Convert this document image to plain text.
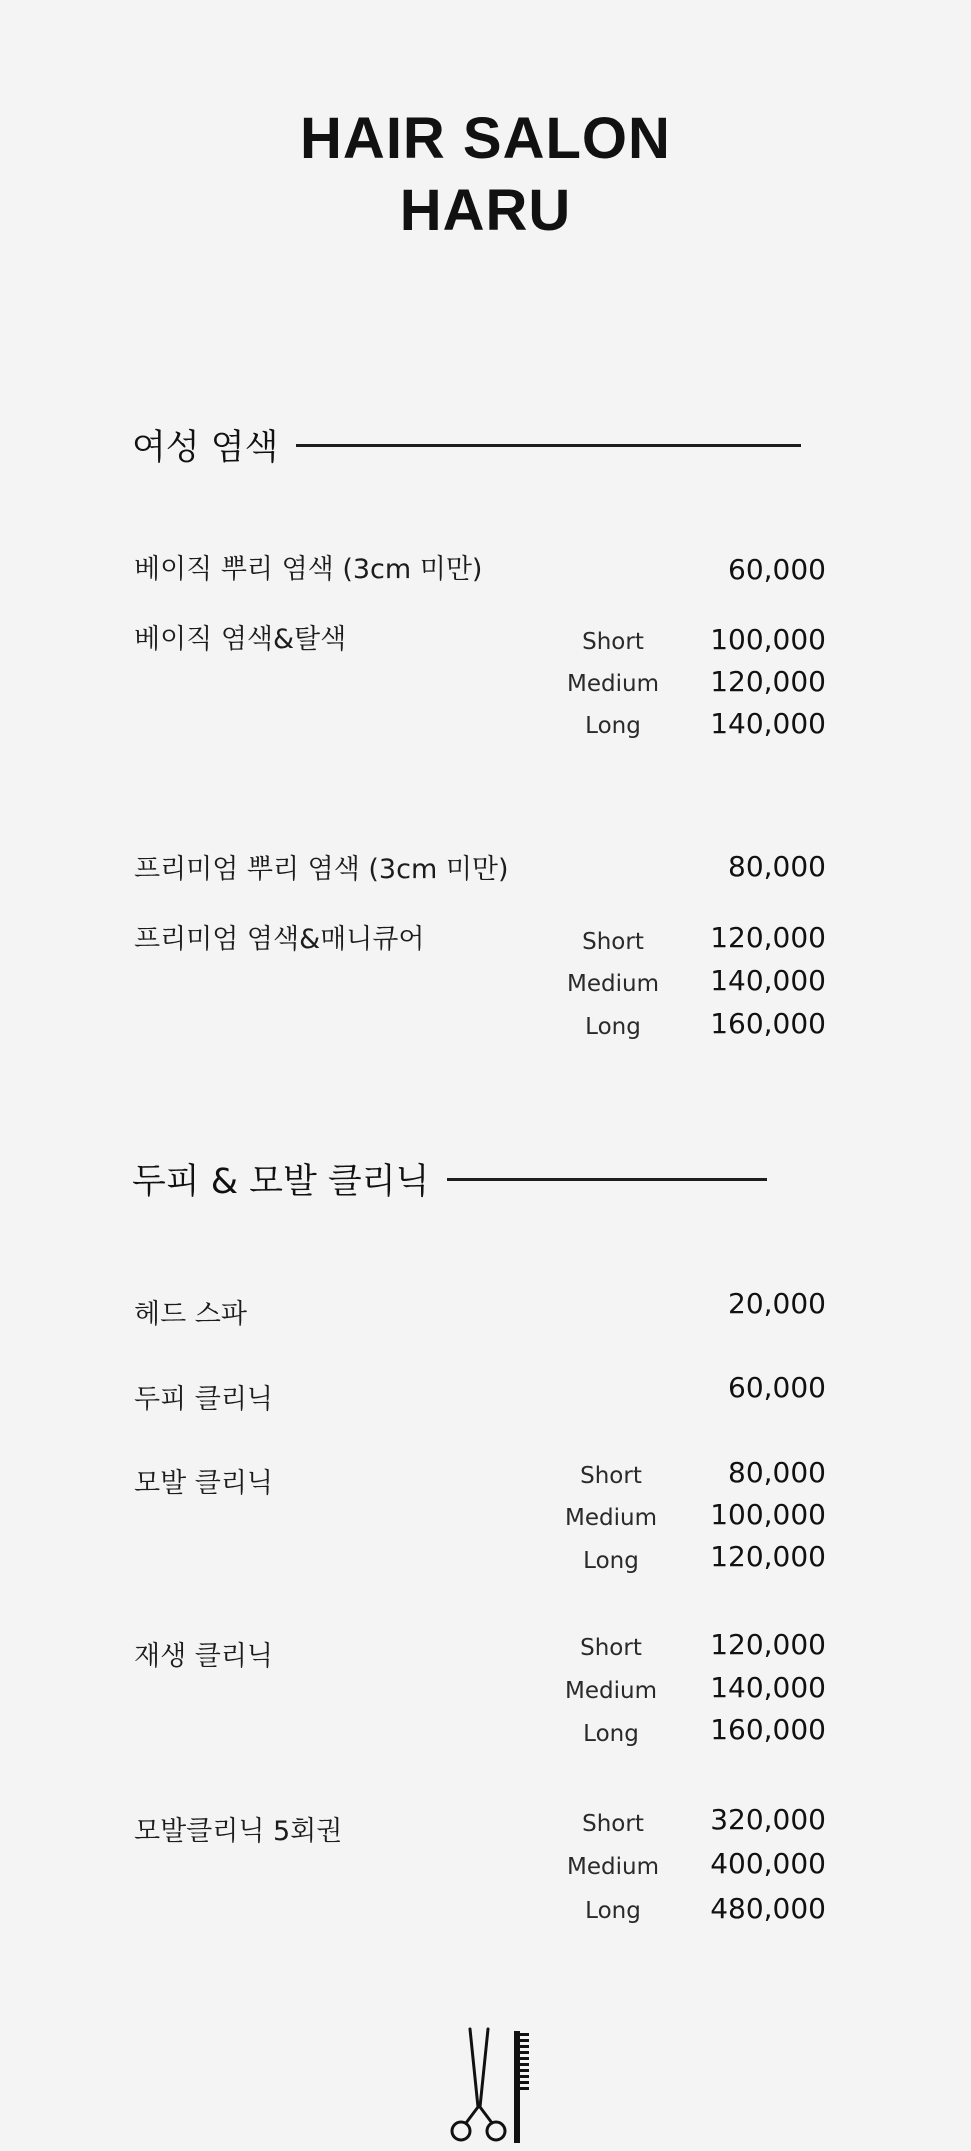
HAIR SALON
HARU
여성 염색
베이직 뿌리 염색 (3cm 미만)	60,000
베이직 염색&탈색	Short	100,000
Medium	120,000
Long	140,000
프리미엄 뿌리 염색 (3cm 미만)	80,000
프리미엄 염색&매니큐어	Short	120,000
Medium	140,000
Long	160,000
두피 & 모발 클리닉
헤드 스파	20,000
두피 클리닉	60,000
모발 클리닉	Short	80,000
Medium	100,000
Long	120,000
재생 클리닉	Short	120,000
Medium	140,000
Long	160,000
모발클리닉 5회권	Short	320,000
Medium	400,000
Long	480,000
